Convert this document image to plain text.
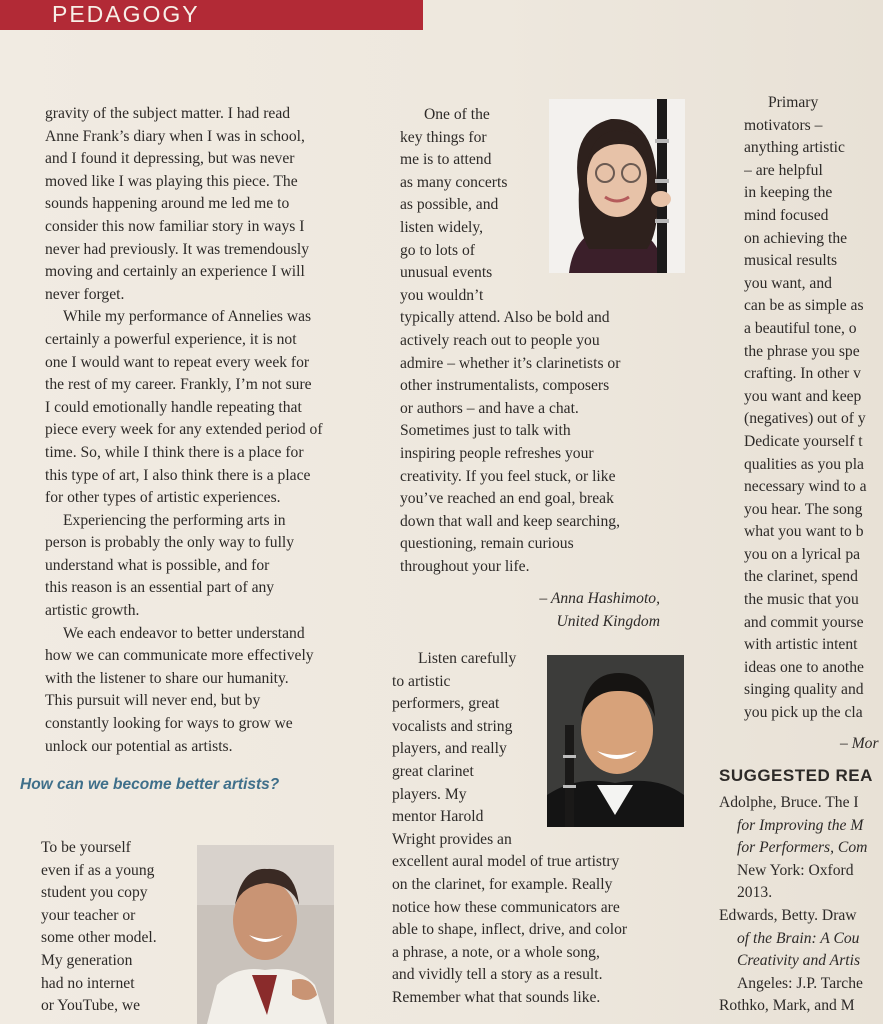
PEDAGOGY
gravity of the subject matter. I had read
Anne Frank’s diary when I was in school,
and I found it depressing, but was never
moved like I was playing this piece. The
sounds happening around me led me to
consider this now familiar story in ways I
never had previously. It was tremendously
moving and certainly an experience I will
never forget.
While my performance of Annelies was
certainly a powerful experience, it is not
one I would want to repeat every week for
the rest of my career. Frankly, I’m not sure
I could emotionally handle repeating that
piece every week for any extended period of
time. So, while I think there is a place for
this type of art, I also think there is a place
for other types of artistic experiences.
Experiencing the performing arts in
person is probably the only way to fully
understand what is possible, and for
this reason is an essential part of any
artistic growth.
We each endeavor to better understand
how we can communicate more effectively
with the listener to share our humanity.
This pursuit will never end, but by
constantly looking for ways to grow we
unlock our potential as artists.
How can we become better artists?
To be yourself
even if as a young
student you copy
your teacher or
some other model.
My generation
had no internet
or YouTube, we
One of the
key things for
me is to attend
as many concerts
as possible, and
listen widely,
go to lots of
unusual events
you wouldn’t
typically attend. Also be bold and
actively reach out to people you
admire – whether it’s clarinetists or
other instrumentalists, composers
or authors – and have a chat.
Sometimes just to talk with
inspiring people refreshes your
creativity. If you feel stuck, or like
you’ve reached an end goal, break
down that wall and keep searching,
questioning, remain curious
throughout your life.
– Anna Hashimoto,
United Kingdom
Listen carefully
to artistic
performers, great
vocalists and string
players, and really
great clarinet
players. My
mentor Harold
Wright provides an
excellent aural model of true artistry
on the clarinet, for example. Really
notice how these communicators are
able to shape, inflect, drive, and color
a phrase, a note, or a whole song,
and vividly tell a story as a result.
Remember what that sounds like.
Primary
motivators –
anything artistic
– are helpful
in keeping the
mind focused
on achieving the
musical results
you want, and
can be as simple as
a beautiful tone, o
the phrase you spe
crafting. In other v
you want and keep
(negatives) out of y
Dedicate yourself t
qualities as you pla
necessary wind to a
you hear. The song
what you want to b
you on a lyrical pa
the clarinet, spend
the music that you
and commit yourse
with artistic intent
ideas one to anothe
singing quality and
you pick up the cla
– Mor
SUGGESTED REA
Adolphe, Bruce. The I
for Improving the M
for Performers, Com
New York: Oxford
2013.
Edwards, Betty. Draw
of the Brain: A Cou
Creativity and Artis
Angeles: J.P. Tarche
Rothko, Mark, and M
